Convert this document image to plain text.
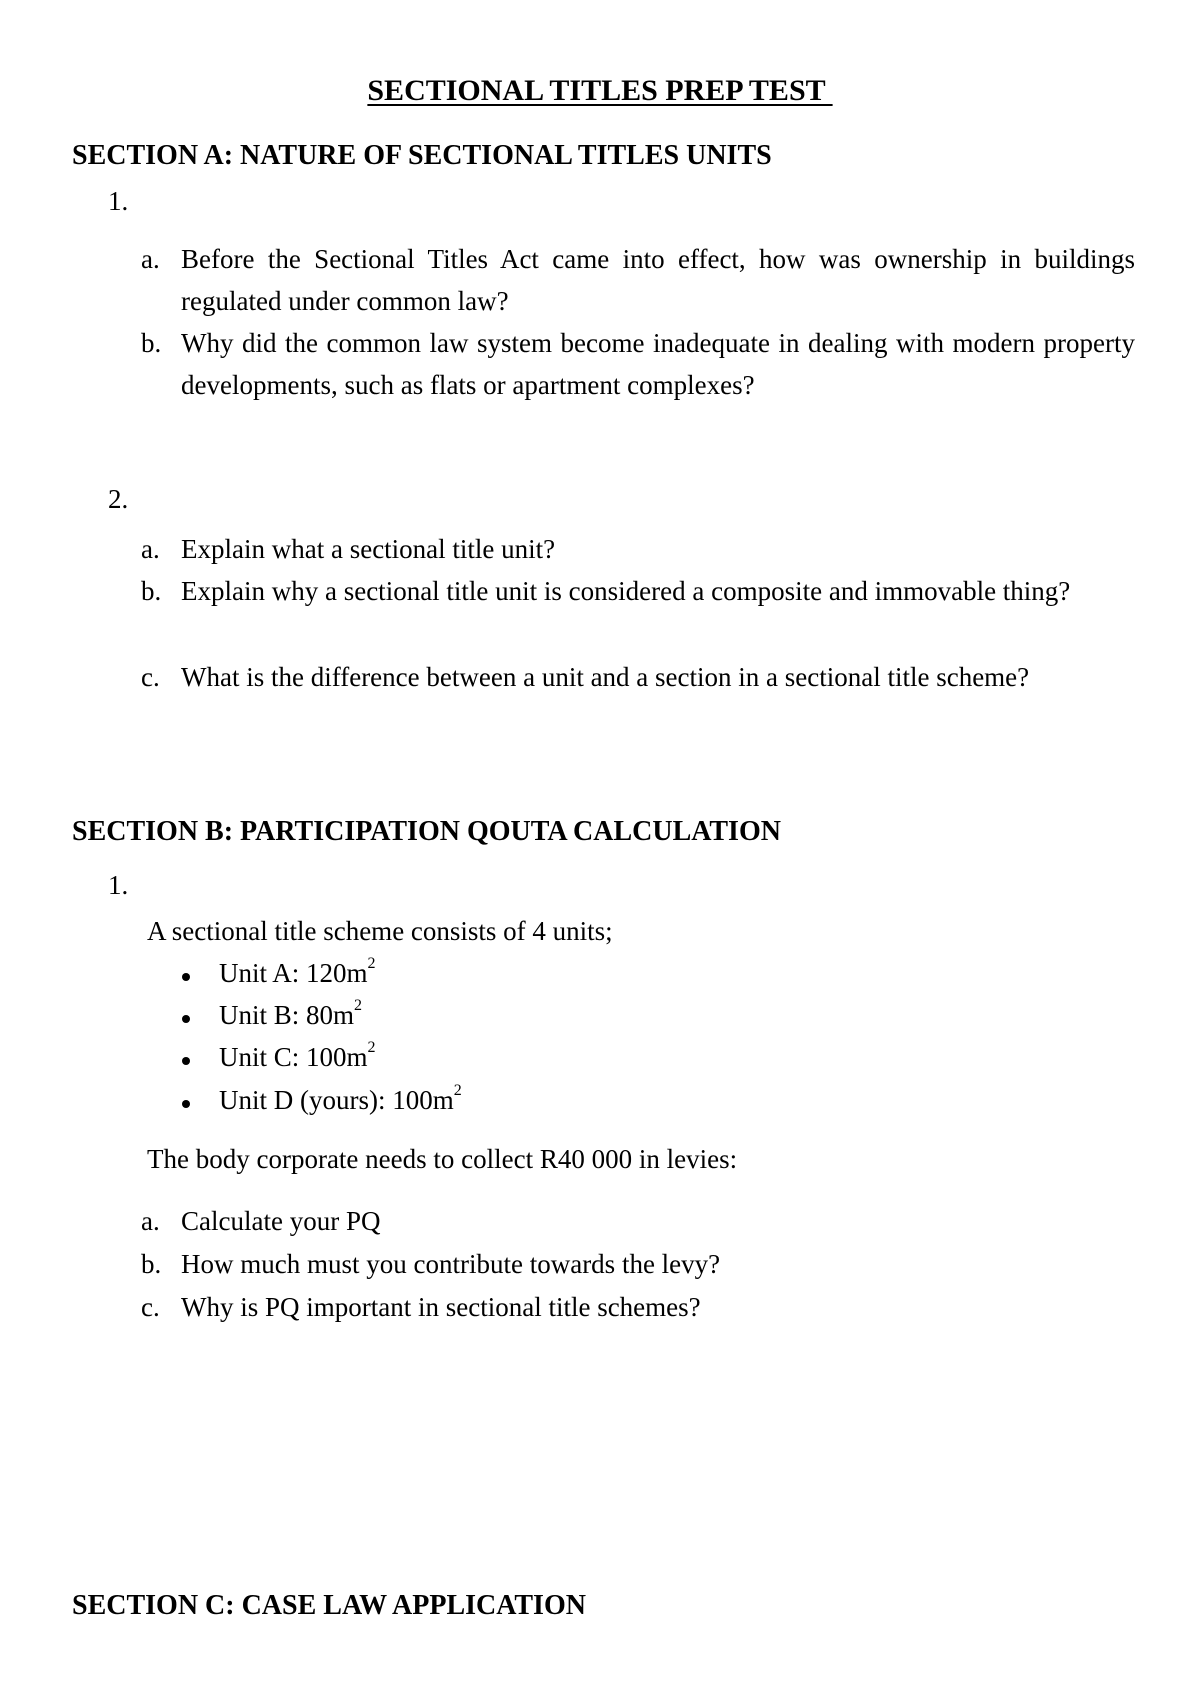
SECTIONAL TITLES PREP TEST
SECTION A: NATURE OF SECTIONAL TITLES UNITS
1.
a. Before the Sectional Titles Act came into effect, how was ownership in buildings regulated under common law?
b. Why did the common law system become inadequate in dealing with modern property developments, such as flats or apartment complexes?
2.
a. Explain what a sectional title unit?
b. Explain why a sectional title unit is considered a composite and immovable thing?
c. What is the difference between a unit and a section in a sectional title scheme?
SECTION B: PARTICIPATION QOUTA CALCULATION
1.
A sectional title scheme consists of 4 units;
Unit A: $120m^2$
Unit B: $80m^2$
Unit C: $100m^2$
Unit D (yours): $100m^2$
The body corporate needs to collect R40 000 in levies:
a. Calculate your PQ
b. How much must you contribute towards the levy?
c. Why is PQ important in sectional title schemes?
SECTION C: CASE LAW APPLICATION
